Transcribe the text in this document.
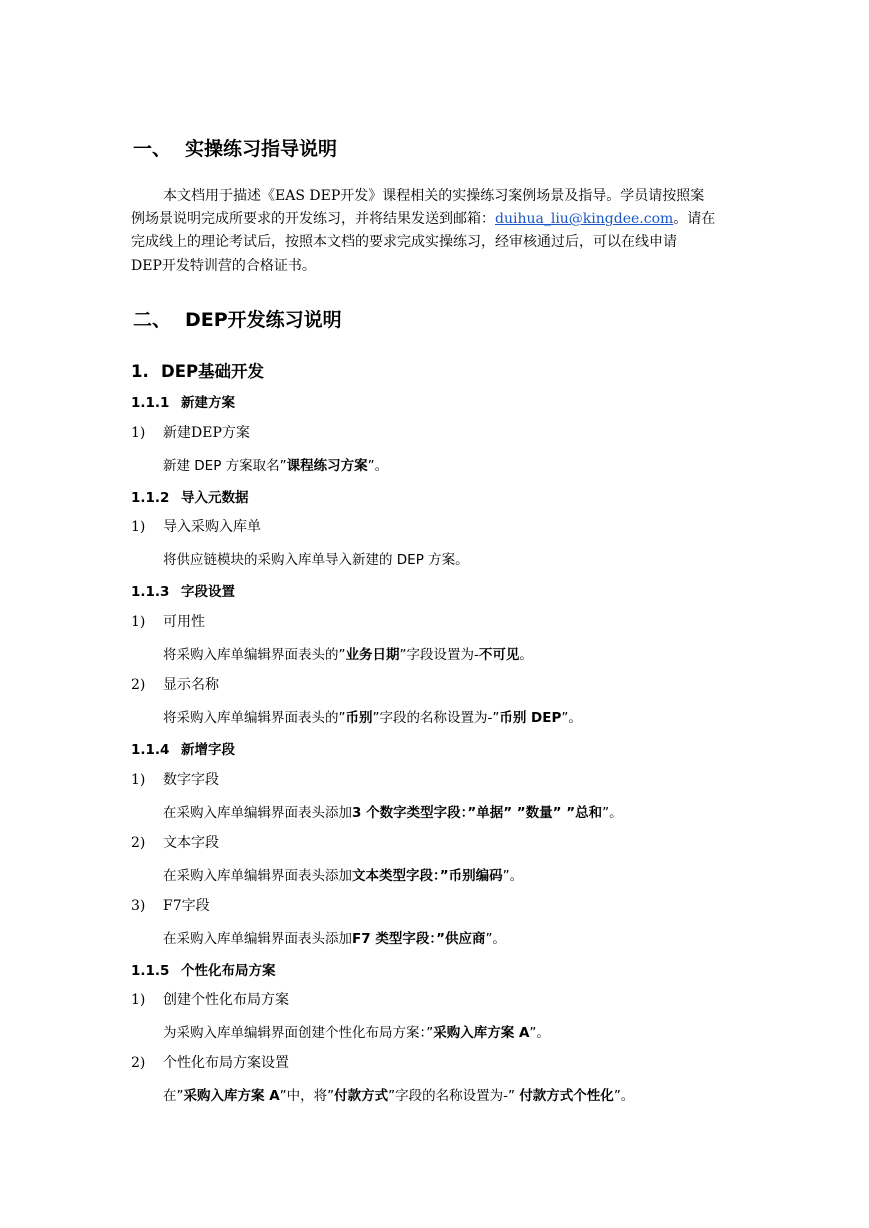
一、 实操练习指导说明
本文档用于描述《EAS DEP开发》课程相关的实操练习案例场景及指导。学员请按照案
例场景说明完成所要求的开发练习，并将结果发送到邮箱：duihua_liu@kingdee.com。请在
完成线上的理论考试后，按照本文档的要求完成实操练习，经审核通过后，可以在线申请
DEP开发特训营的合格证书。
二、 DEP开发练习说明
1. DEP基础开发
1.1.1 新建方案
1) 新建DEP方案
新建 DEP 方案取名”课程练习方案”。
1.1.2 导入元数据
1) 导入采购入库单
将供应链模块的采购入库单导入新建的 DEP 方案。
1.1.3 字段设置
1) 可用性
将采购入库单编辑界面表头的”业务日期”字段设置为-不可见。
2) 显示名称
将采购入库单编辑界面表头的”币别”字段的名称设置为-”币别 DEP”。
1.1.4 新增字段
1) 数字字段
在采购入库单编辑界面表头添加3 个数字类型字段：”单据” ”数量” ”总和”。
2) 文本字段
在采购入库单编辑界面表头添加文本类型字段：”币别编码”。
3) F7字段
在采购入库单编辑界面表头添加F7 类型字段：”供应商”。
1.1.5 个性化布局方案
1) 创建个性化布局方案
为采购入库单编辑界面创建个性化布局方案：”采购入库方案 A”。
2) 个性化布局方案设置
在”采购入库方案 A”中，将”付款方式”字段的名称设置为-” 付款方式个性化”。
